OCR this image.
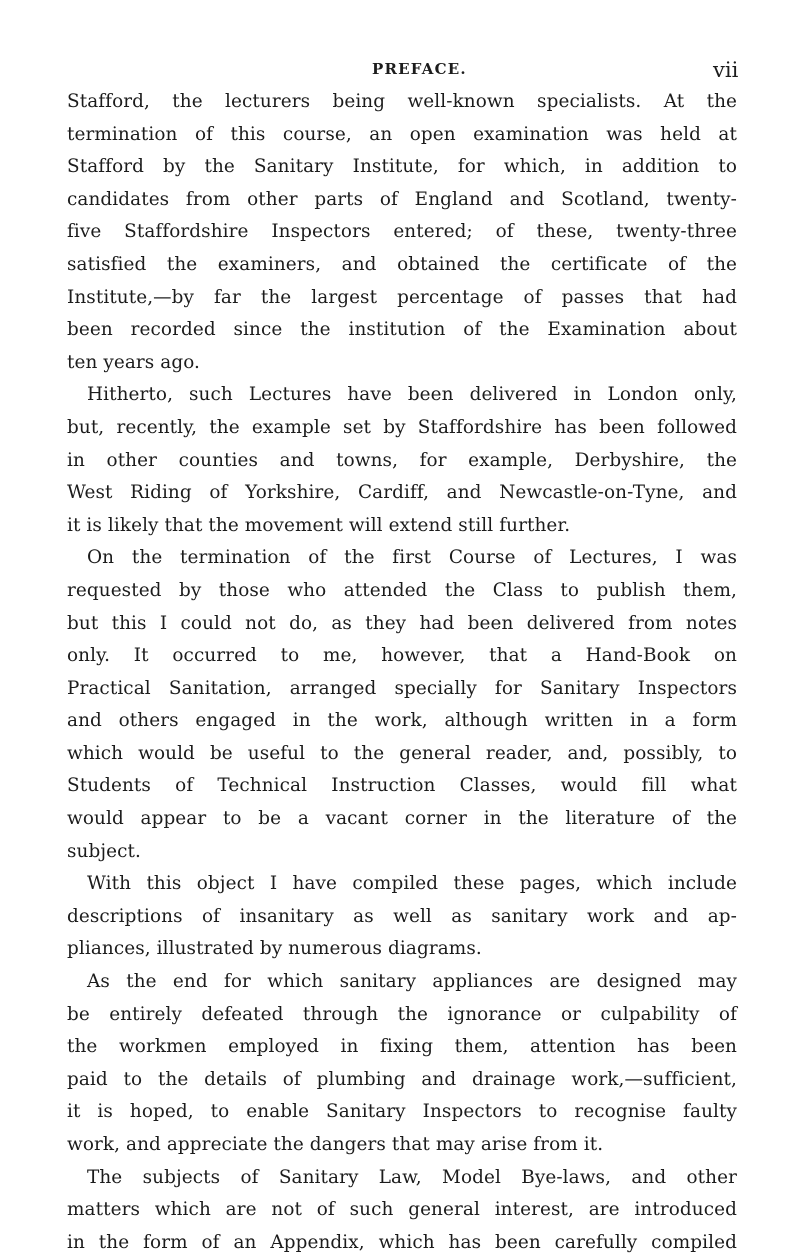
PREFACE.	vii
Stafford, the lecturers being well-known specialists. At the
termination of this course, an open examination was held at
Stafford by the Sanitary Institute, for which, in addition to
candidates from other parts of England and Scotland, twenty-
five Staffordshire Inspectors entered; of these, twenty-three
satisfied the examiners, and obtained the certificate of the
Institute,—by far the largest percentage of passes that had
been recorded since the institution of the Examination about
ten years ago.
Hitherto, such Lectures have been delivered in London only,
but, recently, the example set by Staffordshire has been followed
in other counties and towns, for example, Derbyshire, the
West Riding of Yorkshire, Cardiff, and Newcastle-on-Tyne, and
it is likely that the movement will extend still further.
On the termination of the first Course of Lectures, I was
requested by those who attended the Class to publish them,
but this I could not do, as they had been delivered from notes
only. It occurred to me, however, that a Hand-Book on
Practical Sanitation, arranged specially for Sanitary Inspectors
and others engaged in the work, although written in a form
which would be useful to the general reader, and, possibly, to
Students of Technical Instruction Classes, would fill what
would appear to be a vacant corner in the literature of the
subject.
With this object I have compiled these pages, which include
descriptions of insanitary as well as sanitary work and ap-
pliances, illustrated by numerous diagrams.
As the end for which sanitary appliances are designed may
be entirely defeated through the ignorance or culpability of
the workmen employed in fixing them, attention has been
paid to the details of plumbing and drainage work,—sufficient,
it is hoped, to enable Sanitary Inspectors to recognise faulty
work, and appreciate the dangers that may arise from it.
The subjects of Sanitary Law, Model Bye-laws, and other
matters which are not of such general interest, are introduced
in the form of an Appendix, which has been carefully compiled
